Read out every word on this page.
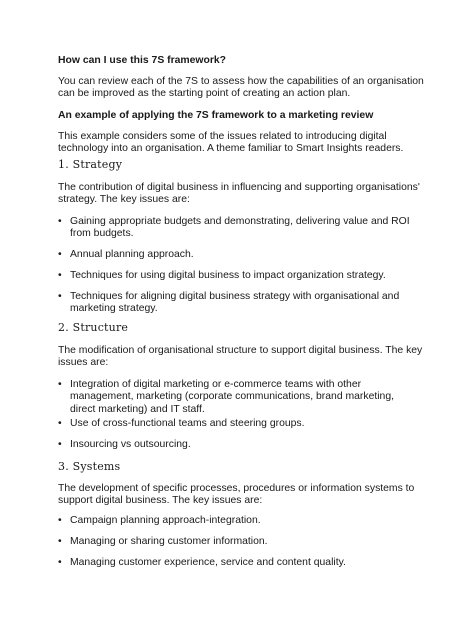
How can I use this 7S framework?
You can review each of the 7S to assess how the capabilities of an organisation can be improved as the starting point of creating an action plan.
An example of applying the 7S framework to a marketing review
This example considers some of the issues related to introducing digital technology into an organisation. A theme familiar to Smart Insights readers.
1. Strategy
The contribution of digital business in influencing and supporting organisations' strategy. The key issues are:
• Gaining appropriate budgets and demonstrating, delivering value and ROI from budgets.
• Annual planning approach.
• Techniques for using digital business to impact organization strategy.
• Techniques for aligning digital business strategy with organisational and marketing strategy.
2. Structure
The modification of organisational structure to support digital business. The key issues are:
• Integration of digital marketing or e-commerce teams with other management, marketing (corporate communications, brand marketing, direct marketing) and IT staff.
• Use of cross-functional teams and steering groups.
• Insourcing vs outsourcing.
3. Systems
The development of specific processes, procedures or information systems to support digital business. The key issues are:
• Campaign planning approach-integration.
• Managing or sharing customer information.
• Managing customer experience, service and content quality.
